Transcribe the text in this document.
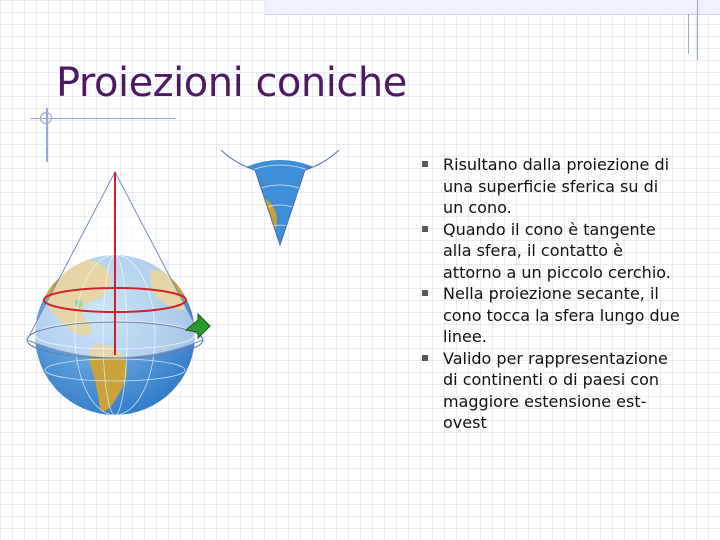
Proiezioni coniche
Risultano dalla proiezione di una superficie sferica su di un cono.
Quando il cono è tangente alla sfera, il contatto è attorno a un piccolo cerchio.
Nella proiezione secante, il cono tocca la sfera lungo due linee.
Valido per rappresentazione di continenti o di paesi con maggiore estensione est-ovest
